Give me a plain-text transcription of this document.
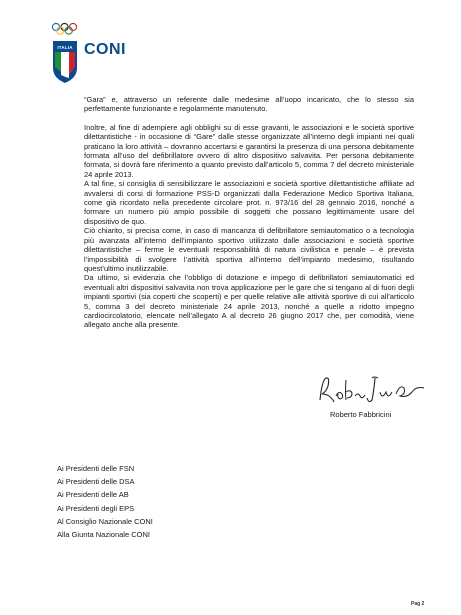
ITALIA CONI

“Gara” e, attraverso un referente dalle medesime all’uopo incaricato, che lo stesso sia perfettamente funzionante e regolarmente manutenuto.

Inoltre, al fine di adempiere agli obblighi su di esse gravanti, le associazioni e le società sportive dilettantistiche - in occasione di “Gare” dalle stesse organizzate all’interno degli impianti nei quali praticano la loro attività – dovranno accertarsi e garantirsi la presenza di una persona debitamente formata all’uso del defibrillatore ovvero di altro dispositivo salvavita. Per persona debitamente formata, si dovrà fare riferimento a quanto previsto dall’articolo 5, comma 7 del decreto ministeriale 24 aprile 2013.

A tal fine, si consiglia di sensibilizzare le associazioni e società sportive dilettantistiche affiliate ad avvalersi di corsi di formazione PSS-D organizzati dalla Federazione Medico Sportiva Italiana, come già ricordato nella precedente circolare prot. n. 973/16 del 28 gennaio 2016, nonché a formare un numero più ampio possibile di soggetti che possano legittimamente usare del dispositivo de quo.

Ciò chiarito, si precisa come, in caso di mancanza di defibrillatore semiautomatico o a tecnologia più avanzata all’interno dell’impianto sportivo utilizzato dalle associazioni e società sportive dilettantistiche – ferme le eventuali responsabilità di natura civilistica e penale – è prevista l’impossibilità di svolgere l’attività sportiva all’interno dell’impianto medesimo, risultando quest’ultimo inutilizzabile.

Da ultimo, si evidenzia che l’obbligo di dotazione e impego di defibrillatori semiautomatici ed eventuali altri dispositivi salvavita non trova applicazione per le gare che si tengano al di fuori degli impianti sportivi (sia coperti che scoperti) e per quelle relative alle attività sportive di cui all’articolo 5, comma 3 del decreto ministeriale 24 aprile 2013, nonché a quelle a ridotto impegno cardiocircolatorio, elencate nell’allegato A al decreto 26 giugno 2017 che, per comodità, viene allegato anche alla presente.

Roberto Fabbricini
Ai Presidenti delle FSN
Ai Presidenti delle DSA
Ai Presidenti delle AB
Ai Presidenti degli EPS
Al Consiglio Nazionale CONI
Alla Giunta Nazionale CONI
Pag 2
